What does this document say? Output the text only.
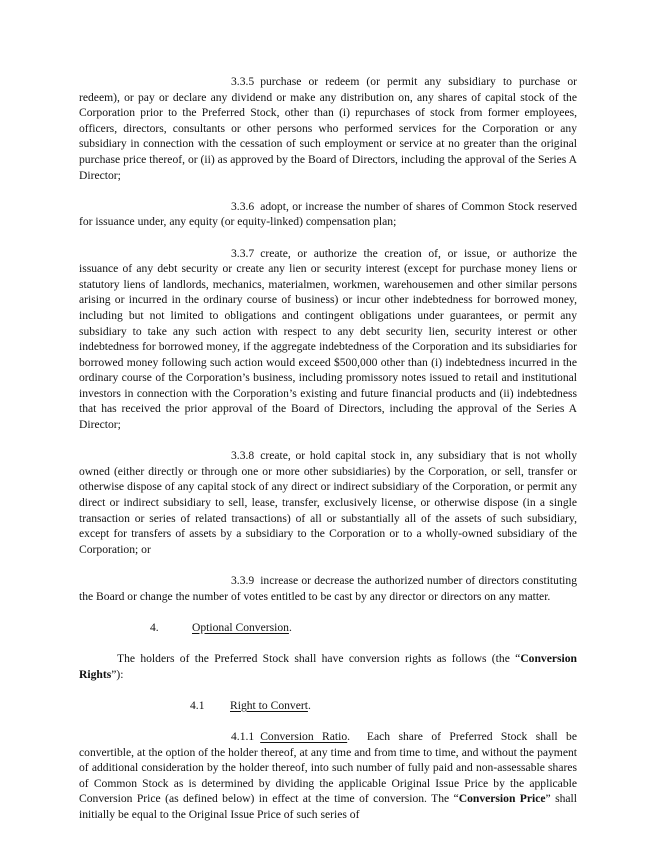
3.3.5 purchase or redeem (or permit any subsidiary to purchase or redeem), or pay or declare any dividend or make any distribution on, any shares of capital stock of the Corporation prior to the Preferred Stock, other than (i) repurchases of stock from former employees, officers, directors, consultants or other persons who performed services for the Corporation or any subsidiary in connection with the cessation of such employment or service at no greater than the original purchase price thereof, or (ii) as approved by the Board of Directors, including the approval of the Series A Director;

3.3.6 adopt, or increase the number of shares of Common Stock reserved for issuance under, any equity (or equity-linked) compensation plan;

3.3.7 create, or authorize the creation of, or issue, or authorize the issuance of any debt security or create any lien or security interest (except for purchase money liens or statutory liens of landlords, mechanics, materialmen, workmen, warehousemen and other similar persons arising or incurred in the ordinary course of business) or incur other indebtedness for borrowed money, including but not limited to obligations and contingent obligations under guarantees, or permit any subsidiary to take any such action with respect to any debt security lien, security interest or other indebtedness for borrowed money, if the aggregate indebtedness of the Corporation and its subsidiaries for borrowed money following such action would exceed $500,000 other than (i) indebtedness incurred in the ordinary course of the Corporation’s business, including promissory notes issued to retail and institutional investors in connection with the Corporation’s existing and future financial products and (ii) indebtedness that has received the prior approval of the Board of Directors, including the approval of the Series A Director;

3.3.8 create, or hold capital stock in, any subsidiary that is not wholly owned (either directly or through one or more other subsidiaries) by the Corporation, or sell, transfer or otherwise dispose of any capital stock of any direct or indirect subsidiary of the Corporation, or permit any direct or indirect subsidiary to sell, lease, transfer, exclusively license, or otherwise dispose (in a single transaction or series of related transactions) of all or substantially all of the assets of such subsidiary, except for transfers of assets by a subsidiary to the Corporation or to a wholly-owned subsidiary of the Corporation; or

3.3.9 increase or decrease the authorized number of directors constituting the Board or change the number of votes entitled to be cast by any director or directors on any matter.

4.	Optional Conversion.

The holders of the Preferred Stock shall have conversion rights as follows (the “Conversion Rights”):

4.1 Right to Convert.

4.1.1 Conversion Ratio. Each share of Preferred Stock shall be convertible, at the option of the holder thereof, at any time and from time to time, and without the payment of additional consideration by the holder thereof, into such number of fully paid and non-assessable shares of Common Stock as is determined by dividing the applicable Original Issue Price by the applicable Conversion Price (as defined below) in effect at the time of conversion. The “Conversion Price” shall initially be equal to the Original Issue Price of such series of
